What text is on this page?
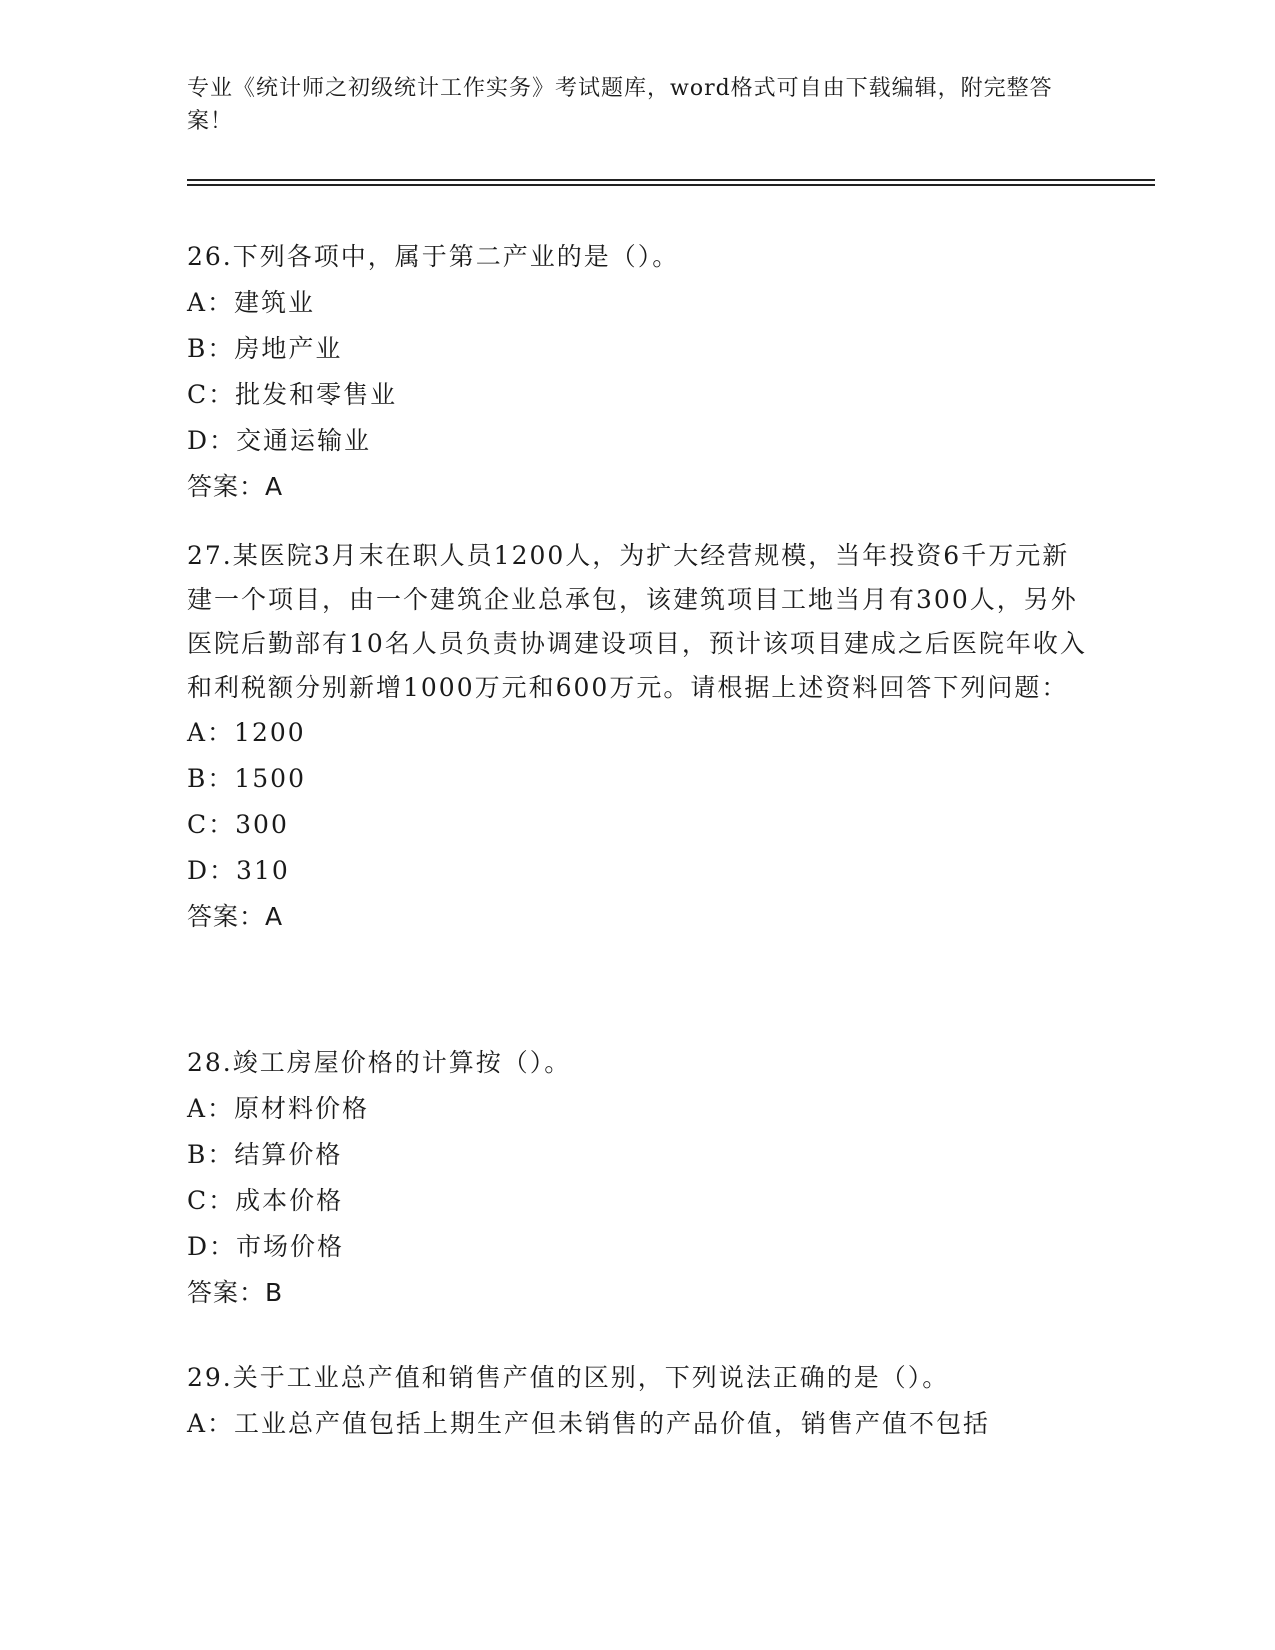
专业《统计师之初级统计工作实务》考试题库，word格式可自由下载编辑，附完整答案！

26.下列各项中，属于第二产业的是（）。

A：建筑业

B：房地产业

C：批发和零售业

D：交通运输业

答案：A

27.某医院3月末在职人员1200人，为扩大经营规模，当年投资6千万元新建一个项目，由一个建筑企业总承包，该建筑项目工地当月有300人，另外医院后勤部有10名人员负责协调建设项目，预计该项目建成之后医院年收入和利税额分别新增1000万元和600万元。请根据上述资料回答下列问题：

A：1200

B：1500

C：300

D：310

答案：A

28.竣工房屋价格的计算按（）。

A：原材料价格

B：结算价格

C：成本价格

D：市场价格

答案：B

29.关于工业总产值和销售产值的区别，下列说法正确的是（）。

A：工业总产值包括上期生产但未销售的产品价值，销售产值不包括
